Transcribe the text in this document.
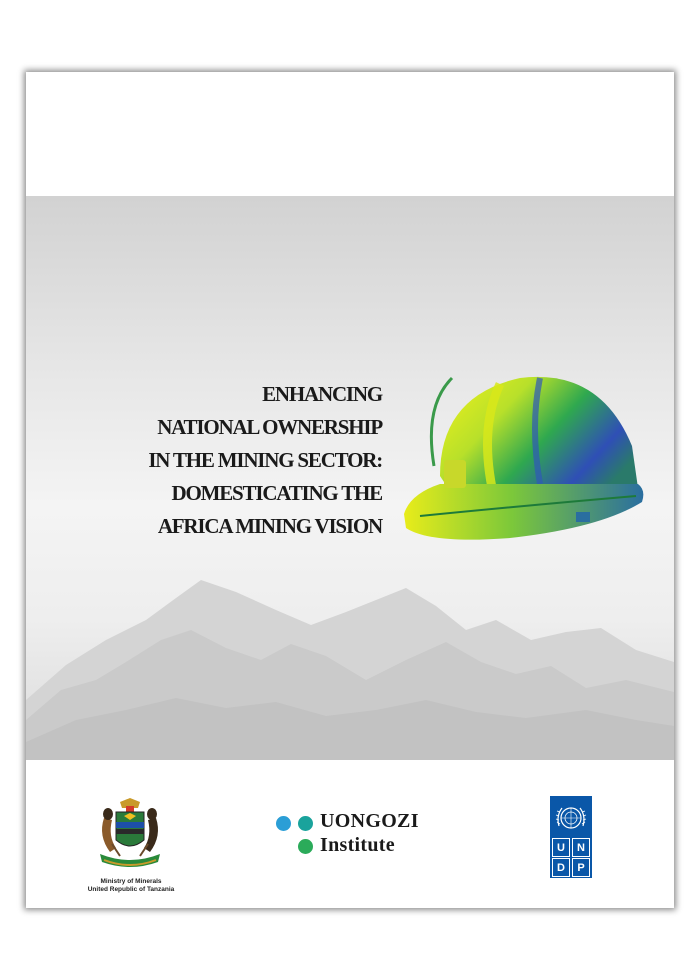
ENHANCING
NATIONAL OWNERSHIP
IN THE MINING SECTOR:
DOMESTICATING THE
AFRICA MINING VISION
Ministry of Minerals
United Republic of Tanzania
UONGOZI
Institute	U	N
D	P
